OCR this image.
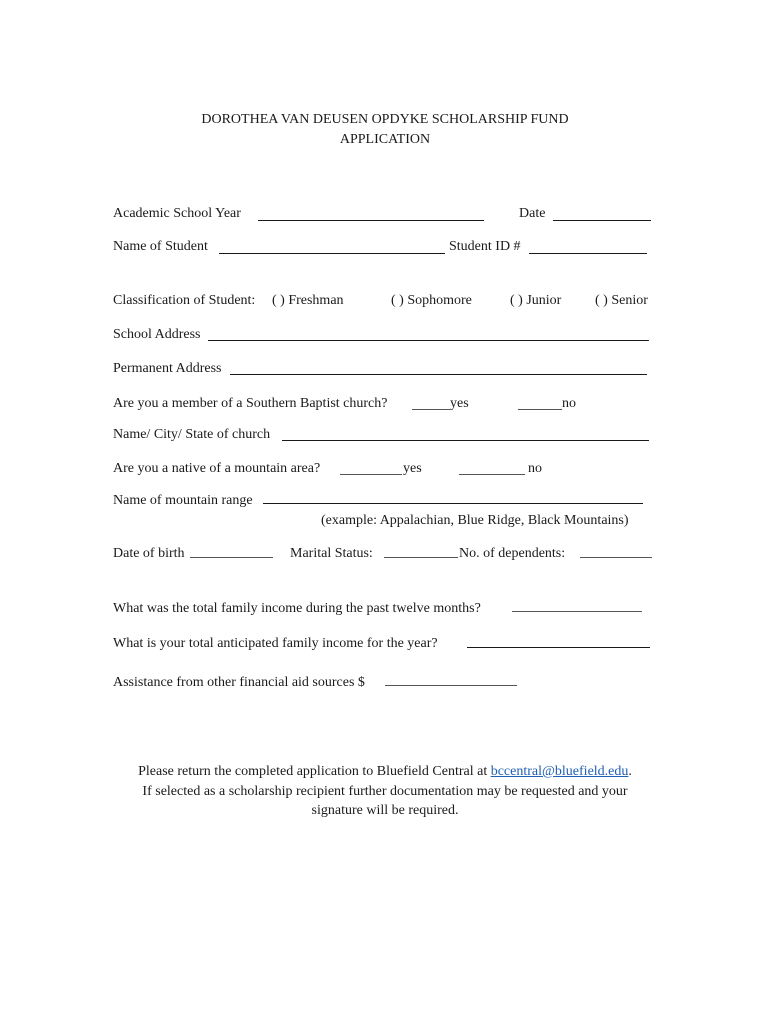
DOROTHEA VAN DEUSEN OPDYKE SCHOLARSHIP FUND
APPLICATION
Academic School Year	Date
Name of Student	Student ID #
Classification of Student: ( ) Freshman	( ) Sophomore	( ) Junior ( ) Senior
School Address
Permanent Address
Are you a member of a Southern Baptist church?	yes	no
Name/ City/ State of church
Are you a native of a mountain area?	yes	no
Name of mountain range
(example: Appalachian, Blue Ridge, Black Mountains)
Date of birth	Marital Status:	No. of dependents:
What was the total family income during the past twelve months?
What is your total anticipated family income for the year?
Assistance from other financial aid sources $
Please return the completed application to Bluefield Central at bccentral@bluefield.edu.
If selected as a scholarship recipient further documentation may be requested and your
signature will be required.
